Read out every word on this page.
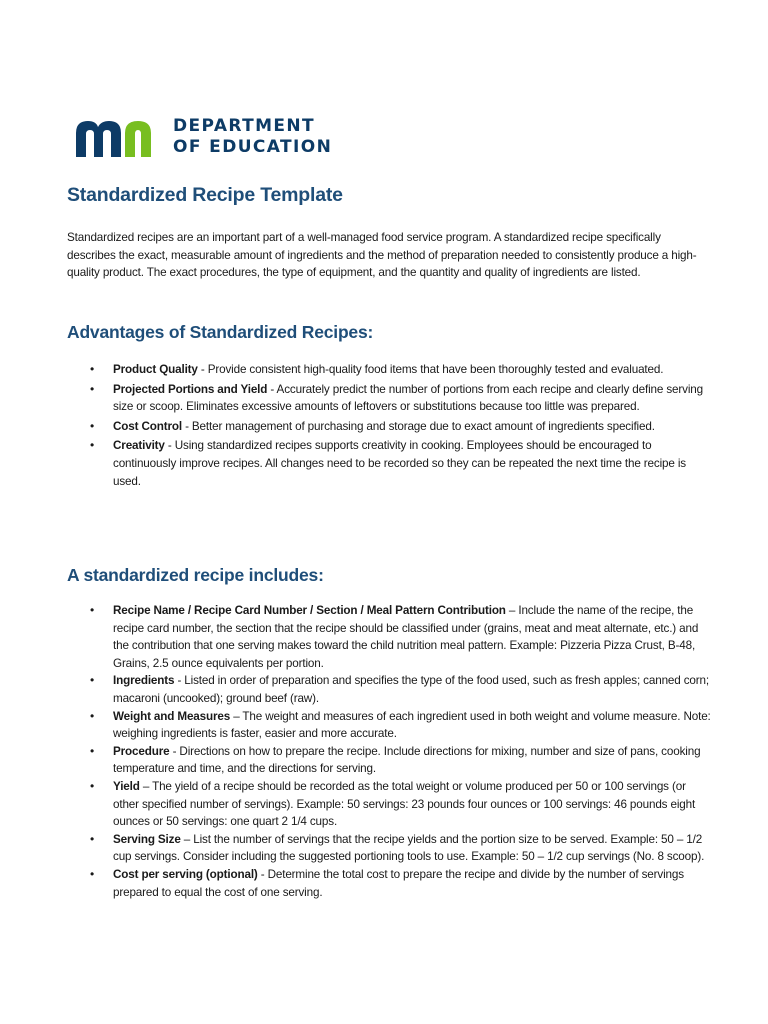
DEPARTMENT
OF EDUCATION
Standardized Recipe Template

Standardized recipes are an important part of a well-managed food service program. A standardized recipe specifically describes the exact, measurable amount of ingredients and the method of preparation needed to consistently produce a high-quality product. The exact procedures, the type of equipment, and the quantity and quality of ingredients are listed.

Advantages of Standardized Recipes:
• Product Quality - Provide consistent high-quality food items that have been thoroughly tested and evaluated.
• Projected Portions and Yield - Accurately predict the number of portions from each recipe and clearly define serving size or scoop. Eliminates excessive amounts of leftovers or substitutions because too little was prepared.
• Cost Control - Better management of purchasing and storage due to exact amount of ingredients specified.
• Creativity - Using standardized recipes supports creativity in cooking. Employees should be encouraged to continuously improve recipes. All changes need to be recorded so they can be repeated the next time the recipe is used.
A standardized recipe includes:
• Recipe Name / Recipe Card Number / Section / Meal Pattern Contribution – Include the name of the recipe, the recipe card number, the section that the recipe should be classified under (grains, meat and meat alternate, etc.) and the contribution that one serving makes toward the child nutrition meal pattern. Example: Pizzeria Pizza Crust, B-48, Grains, 2.5 ounce equivalents per portion.
• Ingredients - Listed in order of preparation and specifies the type of the food used, such as fresh apples; canned corn; macaroni (uncooked); ground beef (raw).
• Weight and Measures – The weight and measures of each ingredient used in both weight and volume measure. Note: weighing ingredients is faster, easier and more accurate.
• Procedure - Directions on how to prepare the recipe. Include directions for mixing, number and size of pans, cooking temperature and time, and the directions for serving.
• Yield – The yield of a recipe should be recorded as the total weight or volume produced per 50 or 100 servings (or other specified number of servings). Example: 50 servings: 23 pounds four ounces or 100 servings: 46 pounds eight ounces or 50 servings: one quart 2 1/4 cups.
• Serving Size – List the number of servings that the recipe yields and the portion size to be served. Example: 50 – 1/2 cup servings. Consider including the suggested portioning tools to use. Example: 50 – 1/2 cup servings (No. 8 scoop).
• Cost per serving (optional) - Determine the total cost to prepare the recipe and divide by the number of servings prepared to equal the cost of one serving.
